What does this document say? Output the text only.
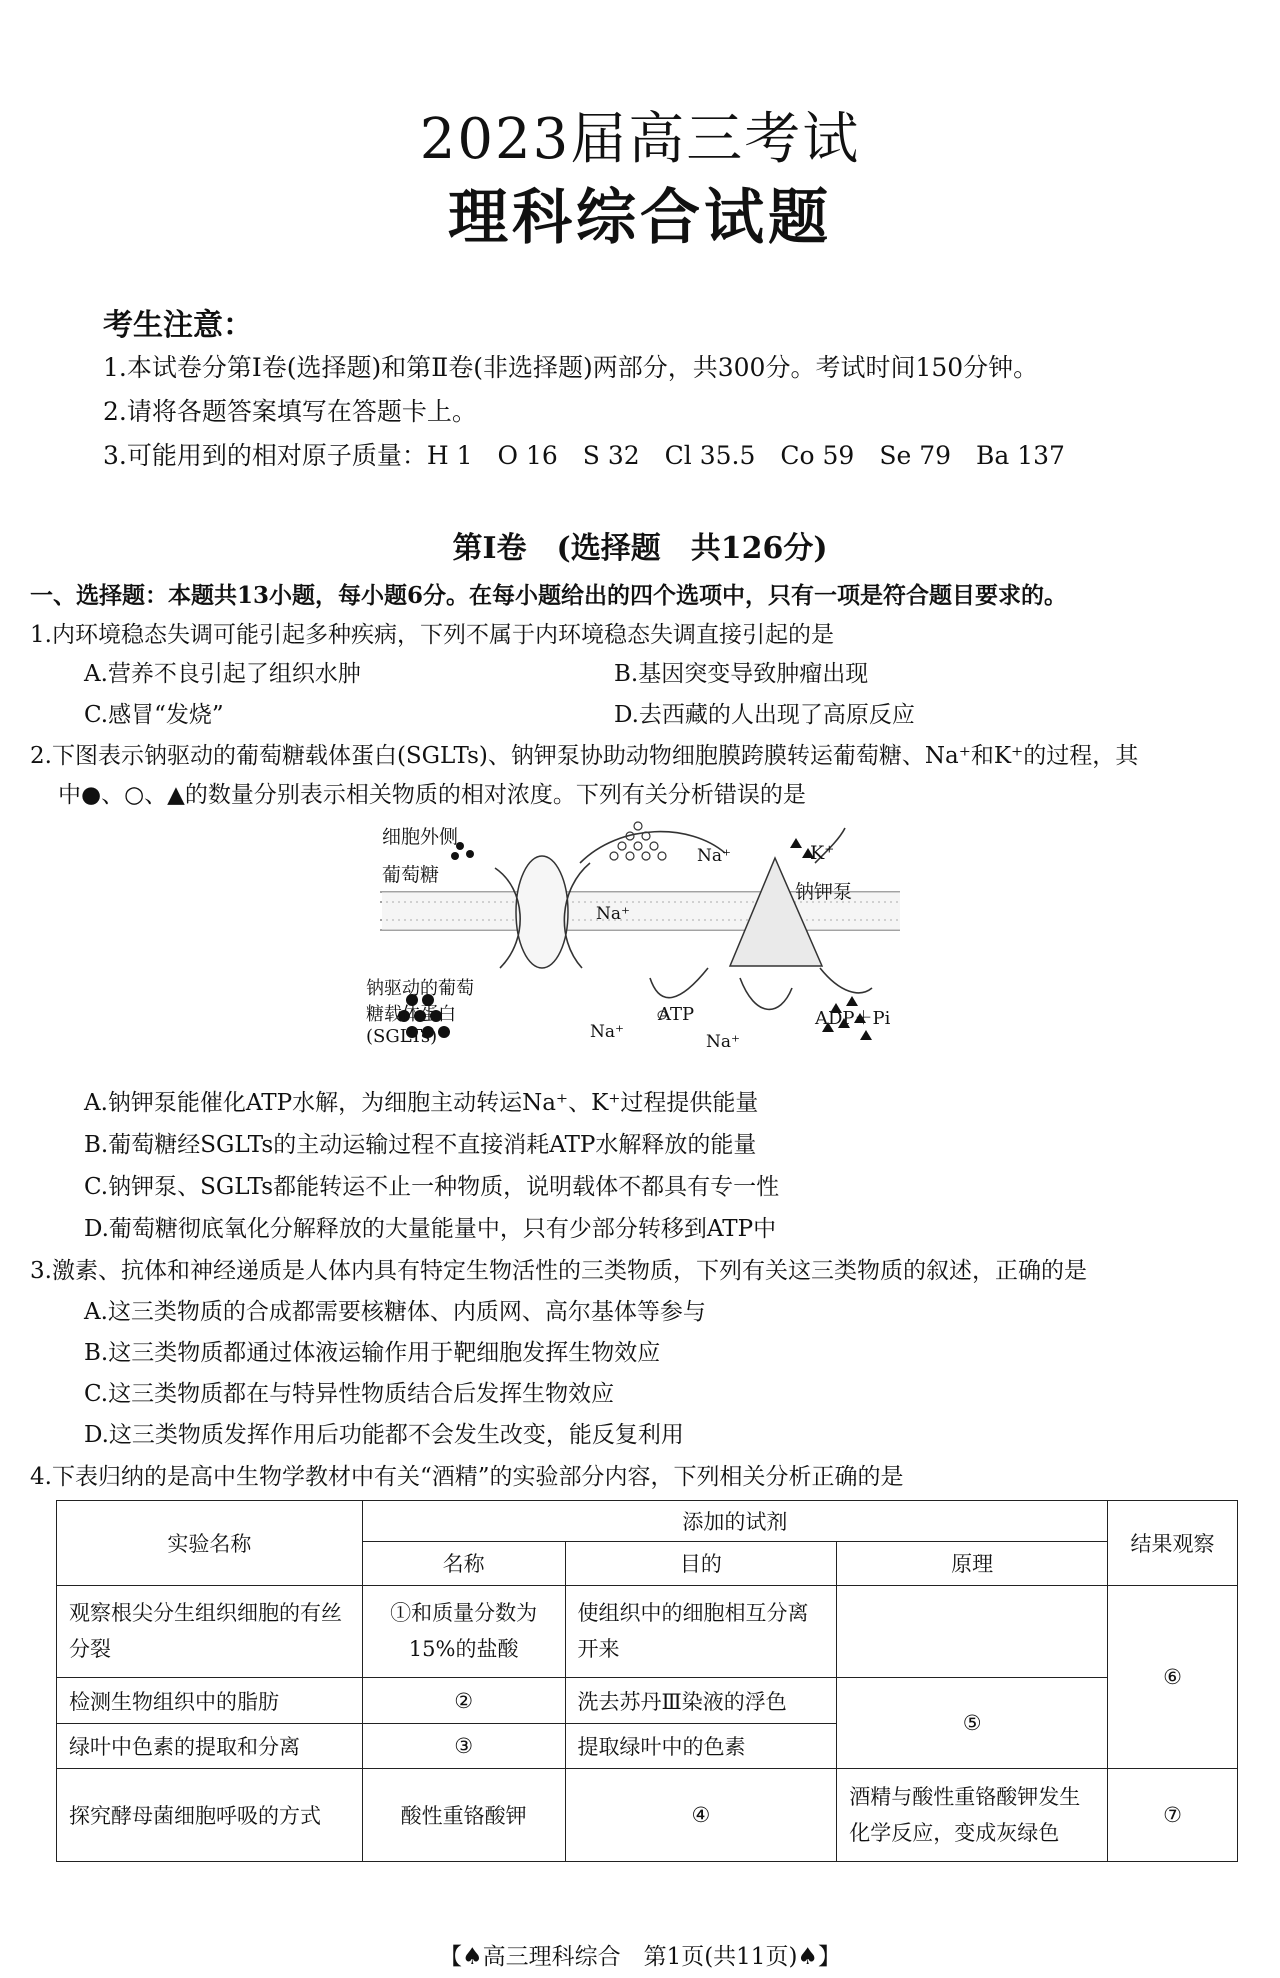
2023届高三考试
理科综合试题
考生注意：
1.本试卷分第Ⅰ卷(选择题)和第Ⅱ卷(非选择题)两部分，共300分。考试时间150分钟。
2.请将各题答案填写在答题卡上。
3.可能用到的相对原子质量：H 1　O 16　S 32　Cl 35.5　Co 59　Se 79　Ba 137
第Ⅰ卷　(选择题　共126分)
一、选择题：本题共13小题，每小题6分。在每小题给出的四个选项中，只有一项是符合题目要求的。
1.内环境稳态失调可能引起多种疾病，下列不属于内环境稳态失调直接引起的是
A.营养不良引起了组织水肿	B.基因突变导致肿瘤出现
C.感冒“发烧”	D.去西藏的人出现了高原反应
2.下图表示钠驱动的葡萄糖载体蛋白(SGLTs)、钠钾泵协助动物细胞膜跨膜转运葡萄糖、Na⁺和K⁺的过程，其
中●、○、▲的数量分别表示相关物质的相对浓度。下列有关分析错误的是
细胞外侧
葡萄糖
Na⁺
Na⁺	K⁺
钠钾泵
钠驱动的葡萄
糖载体蛋白
(SGLTs)	Na⁺
ATP
Na⁺
ADP＋Pi
A.钠钾泵能催化ATP水解，为细胞主动转运Na⁺、K⁺过程提供能量
B.葡萄糖经SGLTs的主动运输过程不直接消耗ATP水解释放的能量
C.钠钾泵、SGLTs都能转运不止一种物质，说明载体不都具有专一性
D.葡萄糖彻底氧化分解释放的大量能量中，只有少部分转移到ATP中
3.激素、抗体和神经递质是人体内具有特定生物活性的三类物质，下列有关这三类物质的叙述，正确的是
A.这三类物质的合成都需要核糖体、内质网、高尔基体等参与
B.这三类物质都通过体液运输作用于靶细胞发挥生物效应
C.这三类物质都在与特异性物质结合后发挥生物效应
D.这三类物质发挥作用后功能都不会发生改变，能反复利用
4.下表归纳的是高中生物学教材中有关“酒精”的实验部分内容，下列相关分析正确的是
实验名称	添加的试剂			结果观察
	名称	目的	原理	
观察根尖分生组织细胞的有丝分裂	①和质量分数为15%的盐酸	使组织中的细胞相互分离开来		⑥
检测生物组织中的脂肪	②	洗去苏丹Ⅲ染液的浮色	⑤	
绿叶中色素的提取和分离	③	提取绿叶中的色素		
探究酵母菌细胞呼吸的方式	酸性重铬酸钾	④	酒精与酸性重铬酸钾发生化学反应，变成灰绿色	⑦
【♠高三理科综合　第1页(共11页)♠】
